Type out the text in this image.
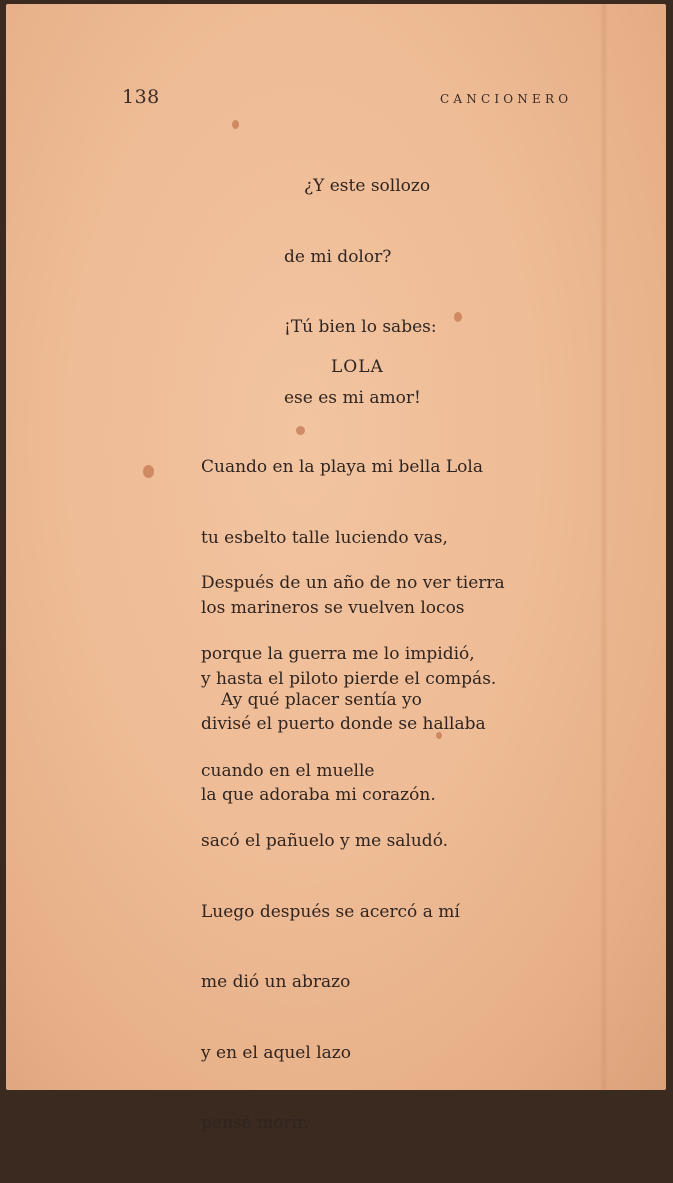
138	CANCIONERO

¿Y este sollozo

de mi dolor?

¡Tú bien lo sabes:

ese es mi amor!

LOLA

Cuando en la playa mi bella Lola

tu esbelto talle luciendo vas,

los marineros se vuelven locos

y hasta el piloto pierde el compás.

Después de un año de no ver tierra

porque la guerra me lo impidió,

divisé el puerto donde se hallaba

la que adoraba mi corazón.

Ay qué placer sentía yo

cuando en el muelle

sacó el pañuelo y me saludó.

Luego después se acercó a mí

me dió un abrazo

y en el aquel lazo

pensé morir.
